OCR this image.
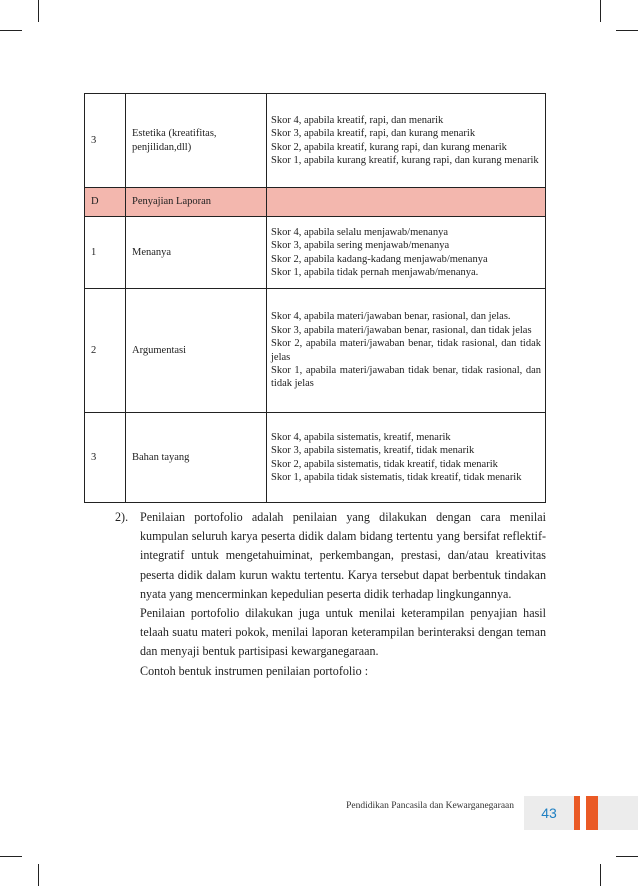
3	Estetika (kreatifitas, penjilidan,dll)	Skor 4, apabila kreatif, rapi, dan menarik
Skor 3, apabila kreatif, rapi, dan kurang menarik
Skor 2, apabila kreatif, kurang rapi, dan kurang menarik
Skor 1, apabila kurang kreatif, kurang rapi, dan kurang menarik

D	Penyajian Laporan	
1	Menanya	Skor 4, apabila selalu menjawab/menanya
Skor 3, apabila sering menjawab/menanya
Skor 2, apabila kadang-kadang menjawab/menanya
Skor 1, apabila tidak pernah menjawab/menanya.

2	Argumentasi	Skor 4, apabila materi/jawaban benar, rasional, dan jelas.
Skor 3, apabila materi/jawaban benar, rasional, dan tidak jelas
Skor 2, apabila materi/jawaban benar, tidak rasional, dan tidak jelas
Skor 1, apabila materi/jawaban tidak benar, tidak rasional, dan tidak jelas

3	Bahan tayang	Skor 4, apabila sistematis, kreatif, menarik
Skor 3, apabila sistematis, kreatif, tidak menarik
Skor 2, apabila sistematis, tidak kreatif, tidak menarik
Skor 1, apabila tidak sistematis, tidak kreatif, tidak menarik

2). Penilaian portofolio adalah penilaian yang dilakukan dengan cara menilai kumpulan seluruh karya peserta didik dalam bidang tertentu yang bersifat reflektif-integratif untuk mengetahuiminat, perkembangan, prestasi, dan/atau kreativitas peserta didik dalam kurun waktu tertentu. Karya tersebut dapat berbentuk tindakan nyata yang mencerminkan kepedulian peserta didik terhadap lingkungannya.

Penilaian portofolio dilakukan juga untuk menilai keterampilan penyajian hasil telaah suatu materi pokok, menilai laporan keterampilan berinteraksi dengan teman dan menyaji bentuk partisipasi kewarganegaraan.

Contoh bentuk instrumen penilaian portofolio :

Pendidikan Pancasila dan Kewarganegaraan	43
